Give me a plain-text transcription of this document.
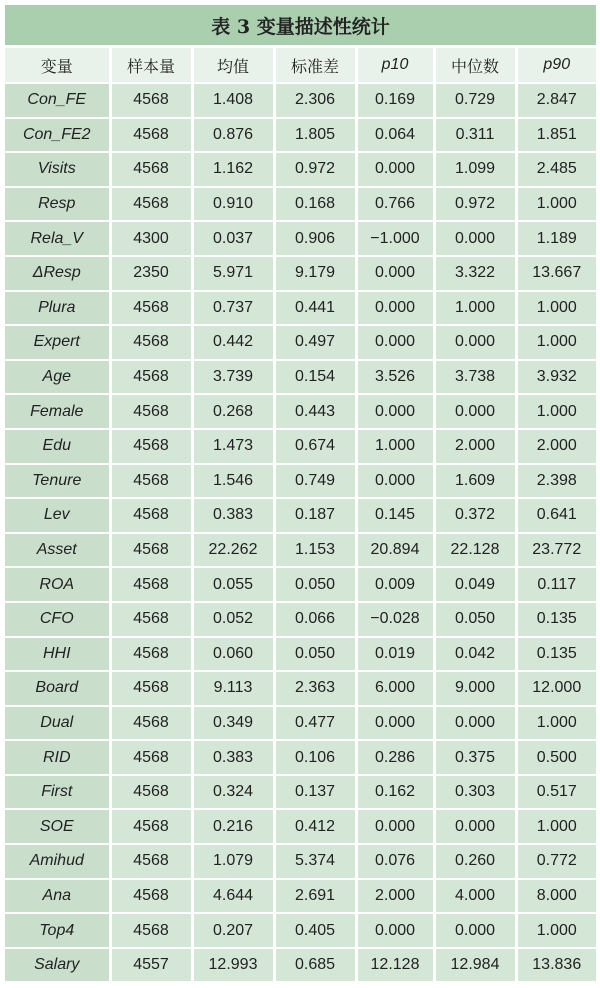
表 3 变量描述性统计
变量	样本量	均值	标准差	p10	中位数	p90
Con_FE	4568	1.408	2.306	0.169	0.729	2.847
Con_FE2	4568	0.876	1.805	0.064	0.311	1.851
Visits	4568	1.162	0.972	0.000	1.099	2.485
Resp	4568	0.910	0.168	0.766	0.972	1.000
Rela_V	4300	0.037	0.906	−1.000	0.000	1.189
ΔResp	2350	5.971	9.179	0.000	3.322	13.667
Plura	4568	0.737	0.441	0.000	1.000	1.000
Expert	4568	0.442	0.497	0.000	0.000	1.000
Age	4568	3.739	0.154	3.526	3.738	3.932
Female	4568	0.268	0.443	0.000	0.000	1.000
Edu	4568	1.473	0.674	1.000	2.000	2.000
Tenure	4568	1.546	0.749	0.000	1.609	2.398
Lev	4568	0.383	0.187	0.145	0.372	0.641
Asset	4568	22.262	1.153	20.894	22.128	23.772
ROA	4568	0.055	0.050	0.009	0.049	0.117
CFO	4568	0.052	0.066	−0.028	0.050	0.135
HHI	4568	0.060	0.050	0.019	0.042	0.135
Board	4568	9.113	2.363	6.000	9.000	12.000
Dual	4568	0.349	0.477	0.000	0.000	1.000
RID	4568	0.383	0.106	0.286	0.375	0.500
First	4568	0.324	0.137	0.162	0.303	0.517
SOE	4568	0.216	0.412	0.000	0.000	1.000
Amihud	4568	1.079	5.374	0.076	0.260	0.772
Ana	4568	4.644	2.691	2.000	4.000	8.000
Top4	4568	0.207	0.405	0.000	0.000	1.000
Salary	4557	12.993	0.685	12.128	12.984	13.836
